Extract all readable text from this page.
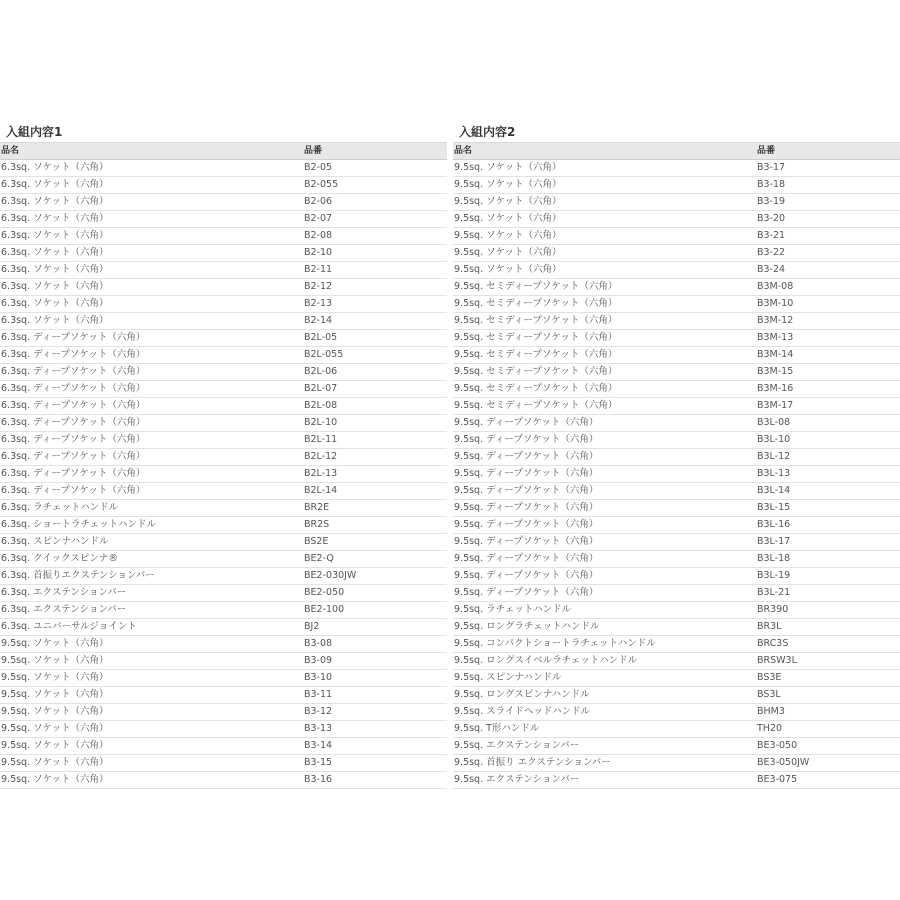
入組内容1
品名	品番
6.3sq. ソケット（六角）	B2-05
6.3sq. ソケット（六角）	B2-055
6.3sq. ソケット（六角）	B2-06
6.3sq. ソケット（六角）	B2-07
6.3sq. ソケット（六角）	B2-08
6.3sq. ソケット（六角）	B2-10
6.3sq. ソケット（六角）	B2-11
6.3sq. ソケット（六角）	B2-12
6.3sq. ソケット（六角）	B2-13
6.3sq. ソケット（六角）	B2-14
6.3sq. ディープソケット（六角）	B2L-05
6.3sq. ディープソケット（六角）	B2L-055
6.3sq. ディープソケット（六角）	B2L-06
6.3sq. ディープソケット（六角）	B2L-07
6.3sq. ディープソケット（六角）	B2L-08
6.3sq. ディープソケット（六角）	B2L-10
6.3sq. ディープソケット（六角）	B2L-11
6.3sq. ディープソケット（六角）	B2L-12
6.3sq. ディープソケット（六角）	B2L-13
6.3sq. ディープソケット（六角）	B2L-14
6.3sq. ラチェットハンドル	BR2E
6.3sq. ショートラチェットハンドル	BR2S
6.3sq. スピンナハンドル	BS2E
6.3sq. クイックスピンナ®	BE2-Q
6.3sq. 首振りエクステンションバー	BE2-030JW
6.3sq. エクステンションバー	BE2-050
6.3sq. エクステンションバー	BE2-100
6.3sq. ユニバーサルジョイント	BJ2
9.5sq. ソケット（六角）	B3-08
9.5sq. ソケット（六角）	B3-09
9.5sq. ソケット（六角）	B3-10
9.5sq. ソケット（六角）	B3-11
9.5sq. ソケット（六角）	B3-12
9.5sq. ソケット（六角）	B3-13
9.5sq. ソケット（六角）	B3-14
9.5sq. ソケット（六角）	B3-15
9.5sq. ソケット（六角）	B3-16
入組内容2
品名	品番
9.5sq. ソケット（六角）	B3-17
9.5sq. ソケット（六角）	B3-18
9.5sq. ソケット（六角）	B3-19
9.5sq. ソケット（六角）	B3-20
9.5sq. ソケット（六角）	B3-21
9.5sq. ソケット（六角）	B3-22
9.5sq. ソケット（六角）	B3-24
9.5sq. セミディープソケット（六角）	B3M-08
9.5sq. セミディープソケット（六角）	B3M-10
9.5sq. セミディープソケット（六角）	B3M-12
9.5sq. セミディープソケット（六角）	B3M-13
9.5sq. セミディープソケット（六角）	B3M-14
9.5sq. セミディープソケット（六角）	B3M-15
9.5sq. セミディープソケット（六角）	B3M-16
9.5sq. セミディープソケット（六角）	B3M-17
9.5sq. ディープソケット（六角）	B3L-08
9.5sq. ディープソケット（六角）	B3L-10
9.5sq. ディープソケット（六角）	B3L-12
9.5sq. ディープソケット（六角）	B3L-13
9.5sq. ディープソケット（六角）	B3L-14
9.5sq. ディープソケット（六角）	B3L-15
9.5sq. ディープソケット（六角）	B3L-16
9.5sq. ディープソケット（六角）	B3L-17
9.5sq. ディープソケット（六角）	B3L-18
9.5sq. ディープソケット（六角）	B3L-19
9.5sq. ディープソケット（六角）	B3L-21
9.5sq. ラチェットハンドル	BR390
9.5sq. ロングラチェットハンドル	BR3L
9.5sq. コンパクトショートラチェットハンドル	BRC3S
9.5sq. ロングスイベルラチェットハンドル	BRSW3L
9.5sq. スピンナハンドル	BS3E
9.5sq. ロングスピンナハンドル	BS3L
9.5sq. スライドヘッドハンドル	BHM3
9.5sq. T形ハンドル	TH20
9.5sq. エクステンションバー	BE3-050
9.5sq. 首振り エクステンションバー	BE3-050JW
9.5sq. エクステンションバー	BE3-075
